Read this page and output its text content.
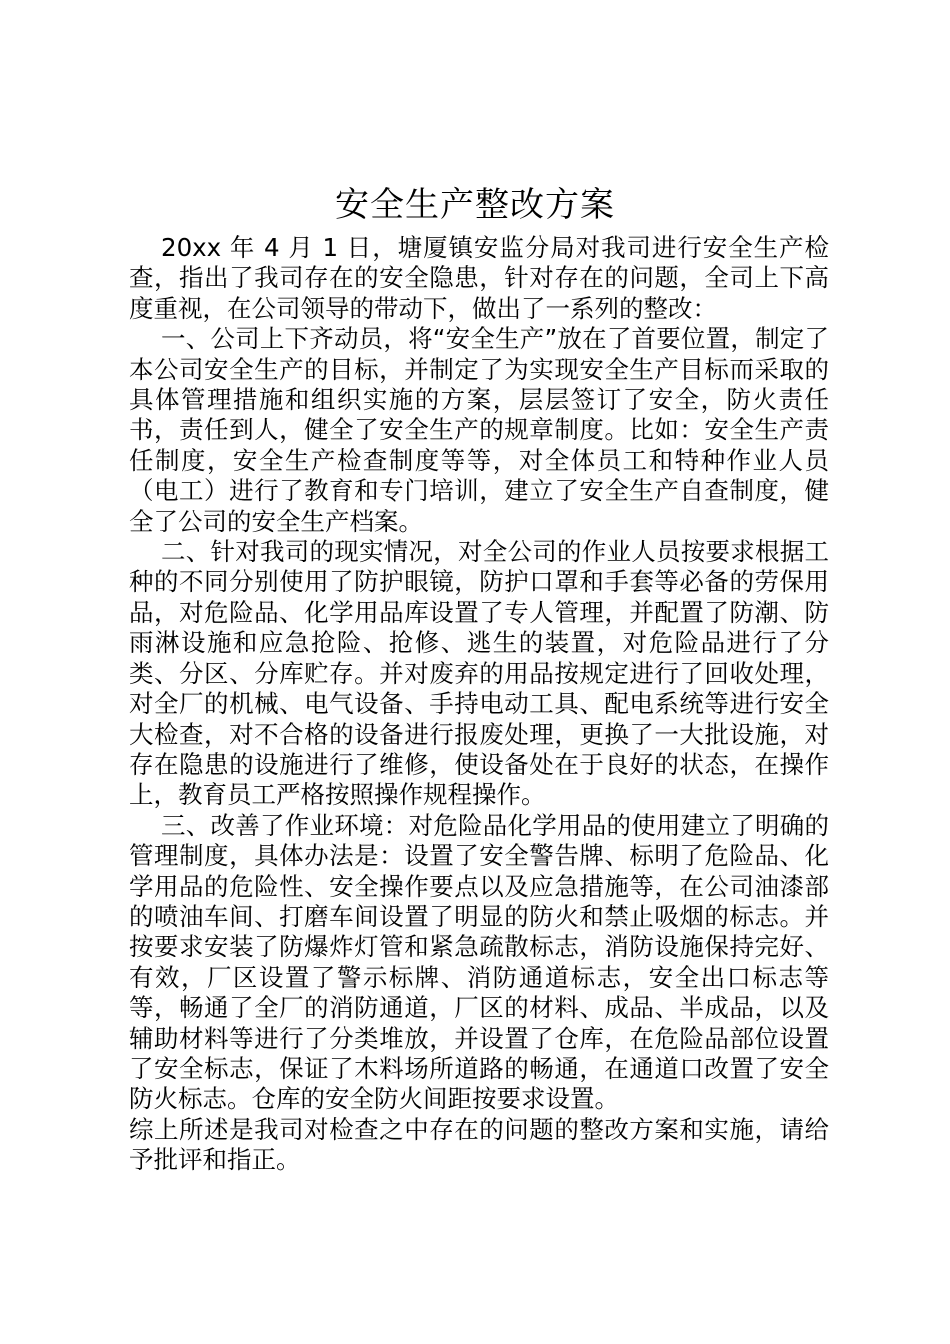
安全生产整改方案

20xx 年 4 月 1 日，塘厦镇安监分局对我司进行安全生产检查，指出了我司存在的安全隐患，针对存在的问题，全司上下高度重视，在公司领导的带动下，做出了一系列的整改：

一、公司上下齐动员，将“安全生产”放在了首要位置，制定了本公司安全生产的目标，并制定了为实现安全生产目标而采取的具体管理措施和组织实施的方案，层层签订了安全，防火责任书，责任到人，健全了安全生产的规章制度。比如：安全生产责任制度，安全生产检查制度等等，对全体员工和特种作业人员（电工）进行了教育和专门培训，建立了安全生产自查制度，健全了公司的安全生产档案。

二、针对我司的现实情况，对全公司的作业人员按要求根据工种的不同分别使用了防护眼镜，防护口罩和手套等必备的劳保用品，对危险品、化学用品库设置了专人管理，并配置了防潮、防雨淋设施和应急抢险、抢修、逃生的装置，对危险品进行了分类、分区、分库贮存。并对废弃的用品按规定进行了回收处理，对全厂的机械、电气设备、手持电动工具、配电系统等进行安全大检查，对不合格的设备进行报废处理，更换了一大批设施，对存在隐患的设施进行了维修，使设备处在于良好的状态，在操作上，教育员工严格按照操作规程操作。

三、改善了作业环境：对危险品化学用品的使用建立了明确的管理制度，具体办法是：设置了安全警告牌、标明了危险品、化学用品的危险性、安全操作要点以及应急措施等，在公司油漆部的喷油车间、打磨车间设置了明显的防火和禁止吸烟的标志。并按要求安装了防爆炸灯管和紧急疏散标志，消防设施保持完好、有效，厂区设置了警示标牌、消防通道标志，安全出口标志等等，畅通了全厂的消防通道，厂区的材料、成品、半成品，以及辅助材料等进行了分类堆放，并设置了仓库，在危险品部位设置了安全标志，保证了木料场所道路的畅通，在通道口改置了安全防火标志。仓库的安全防火间距按要求设置。

综上所述是我司对检查之中存在的问题的整改方案和实施，请给予批评和指正。
